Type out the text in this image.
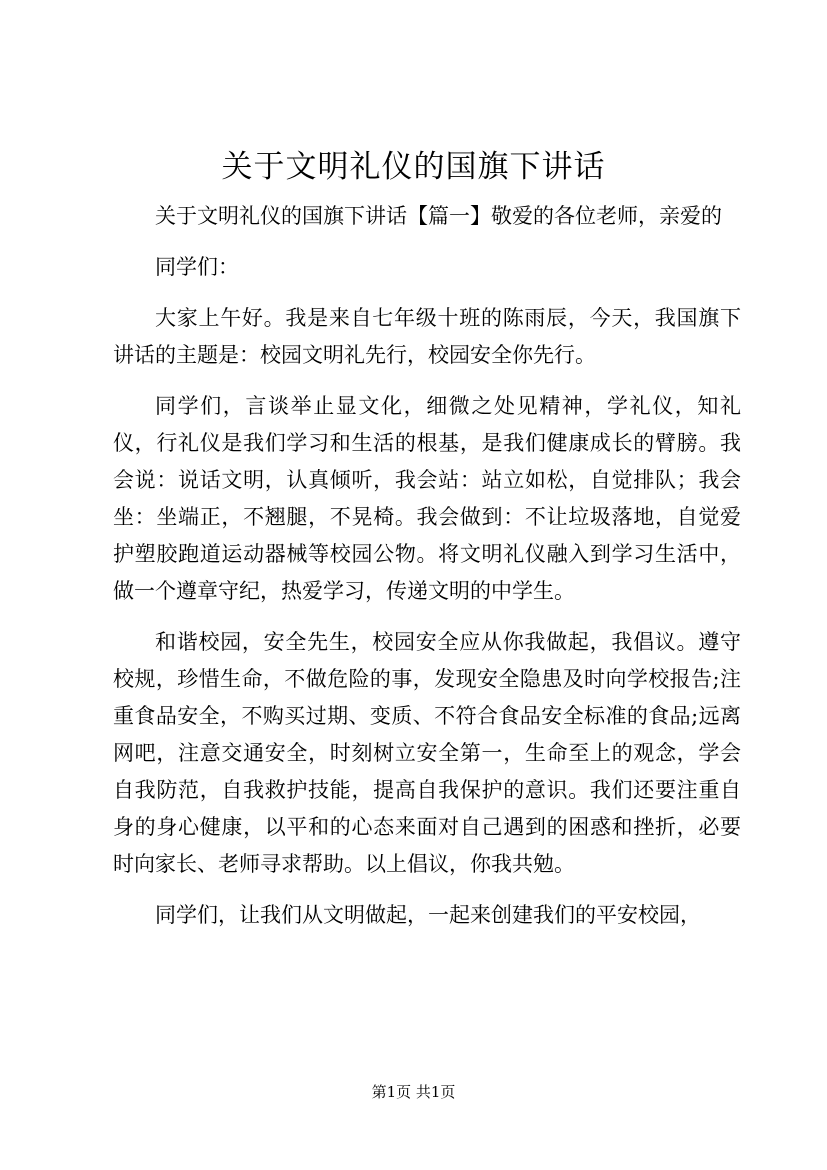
关于文明礼仪的国旗下讲话

关于文明礼仪的国旗下讲话【篇一】敬爱的各位老师，亲爱的

同学们：

大家上午好。我是来自七年级十班的陈雨辰，今天，我国旗下讲话的主题是：校园文明礼先行，校园安全你先行。

同学们，言谈举止显文化，细微之处见精神，学礼仪，知礼仪，行礼仪是我们学习和生活的根基，是我们健康成长的臂膀。我会说：说话文明，认真倾听，我会站：站立如松，自觉排队；我会坐：坐端正，不翘腿，不晃椅。我会做到：不让垃圾落地，自觉爱护塑胶跑道运动器械等校园公物。将文明礼仪融入到学习生活中，做一个遵章守纪，热爱学习，传递文明的中学生。

和谐校园，安全先生，校园安全应从你我做起，我倡议。遵守校规，珍惜生命，不做危险的事，发现安全隐患及时向学校报告;注重食品安全，不购买过期、变质、不符合食品安全标准的食品;远离网吧，注意交通安全，时刻树立安全第一，生命至上的观念，学会自我防范，自我救护技能，提高自我保护的意识。我们还要注重自身的身心健康，以平和的心态来面对自己遇到的困惑和挫折，必要时向家长、老师寻求帮助。以上倡议，你我共勉。

同学们，让我们从文明做起，一起来创建我们的平安校园，

第1页 共1页
